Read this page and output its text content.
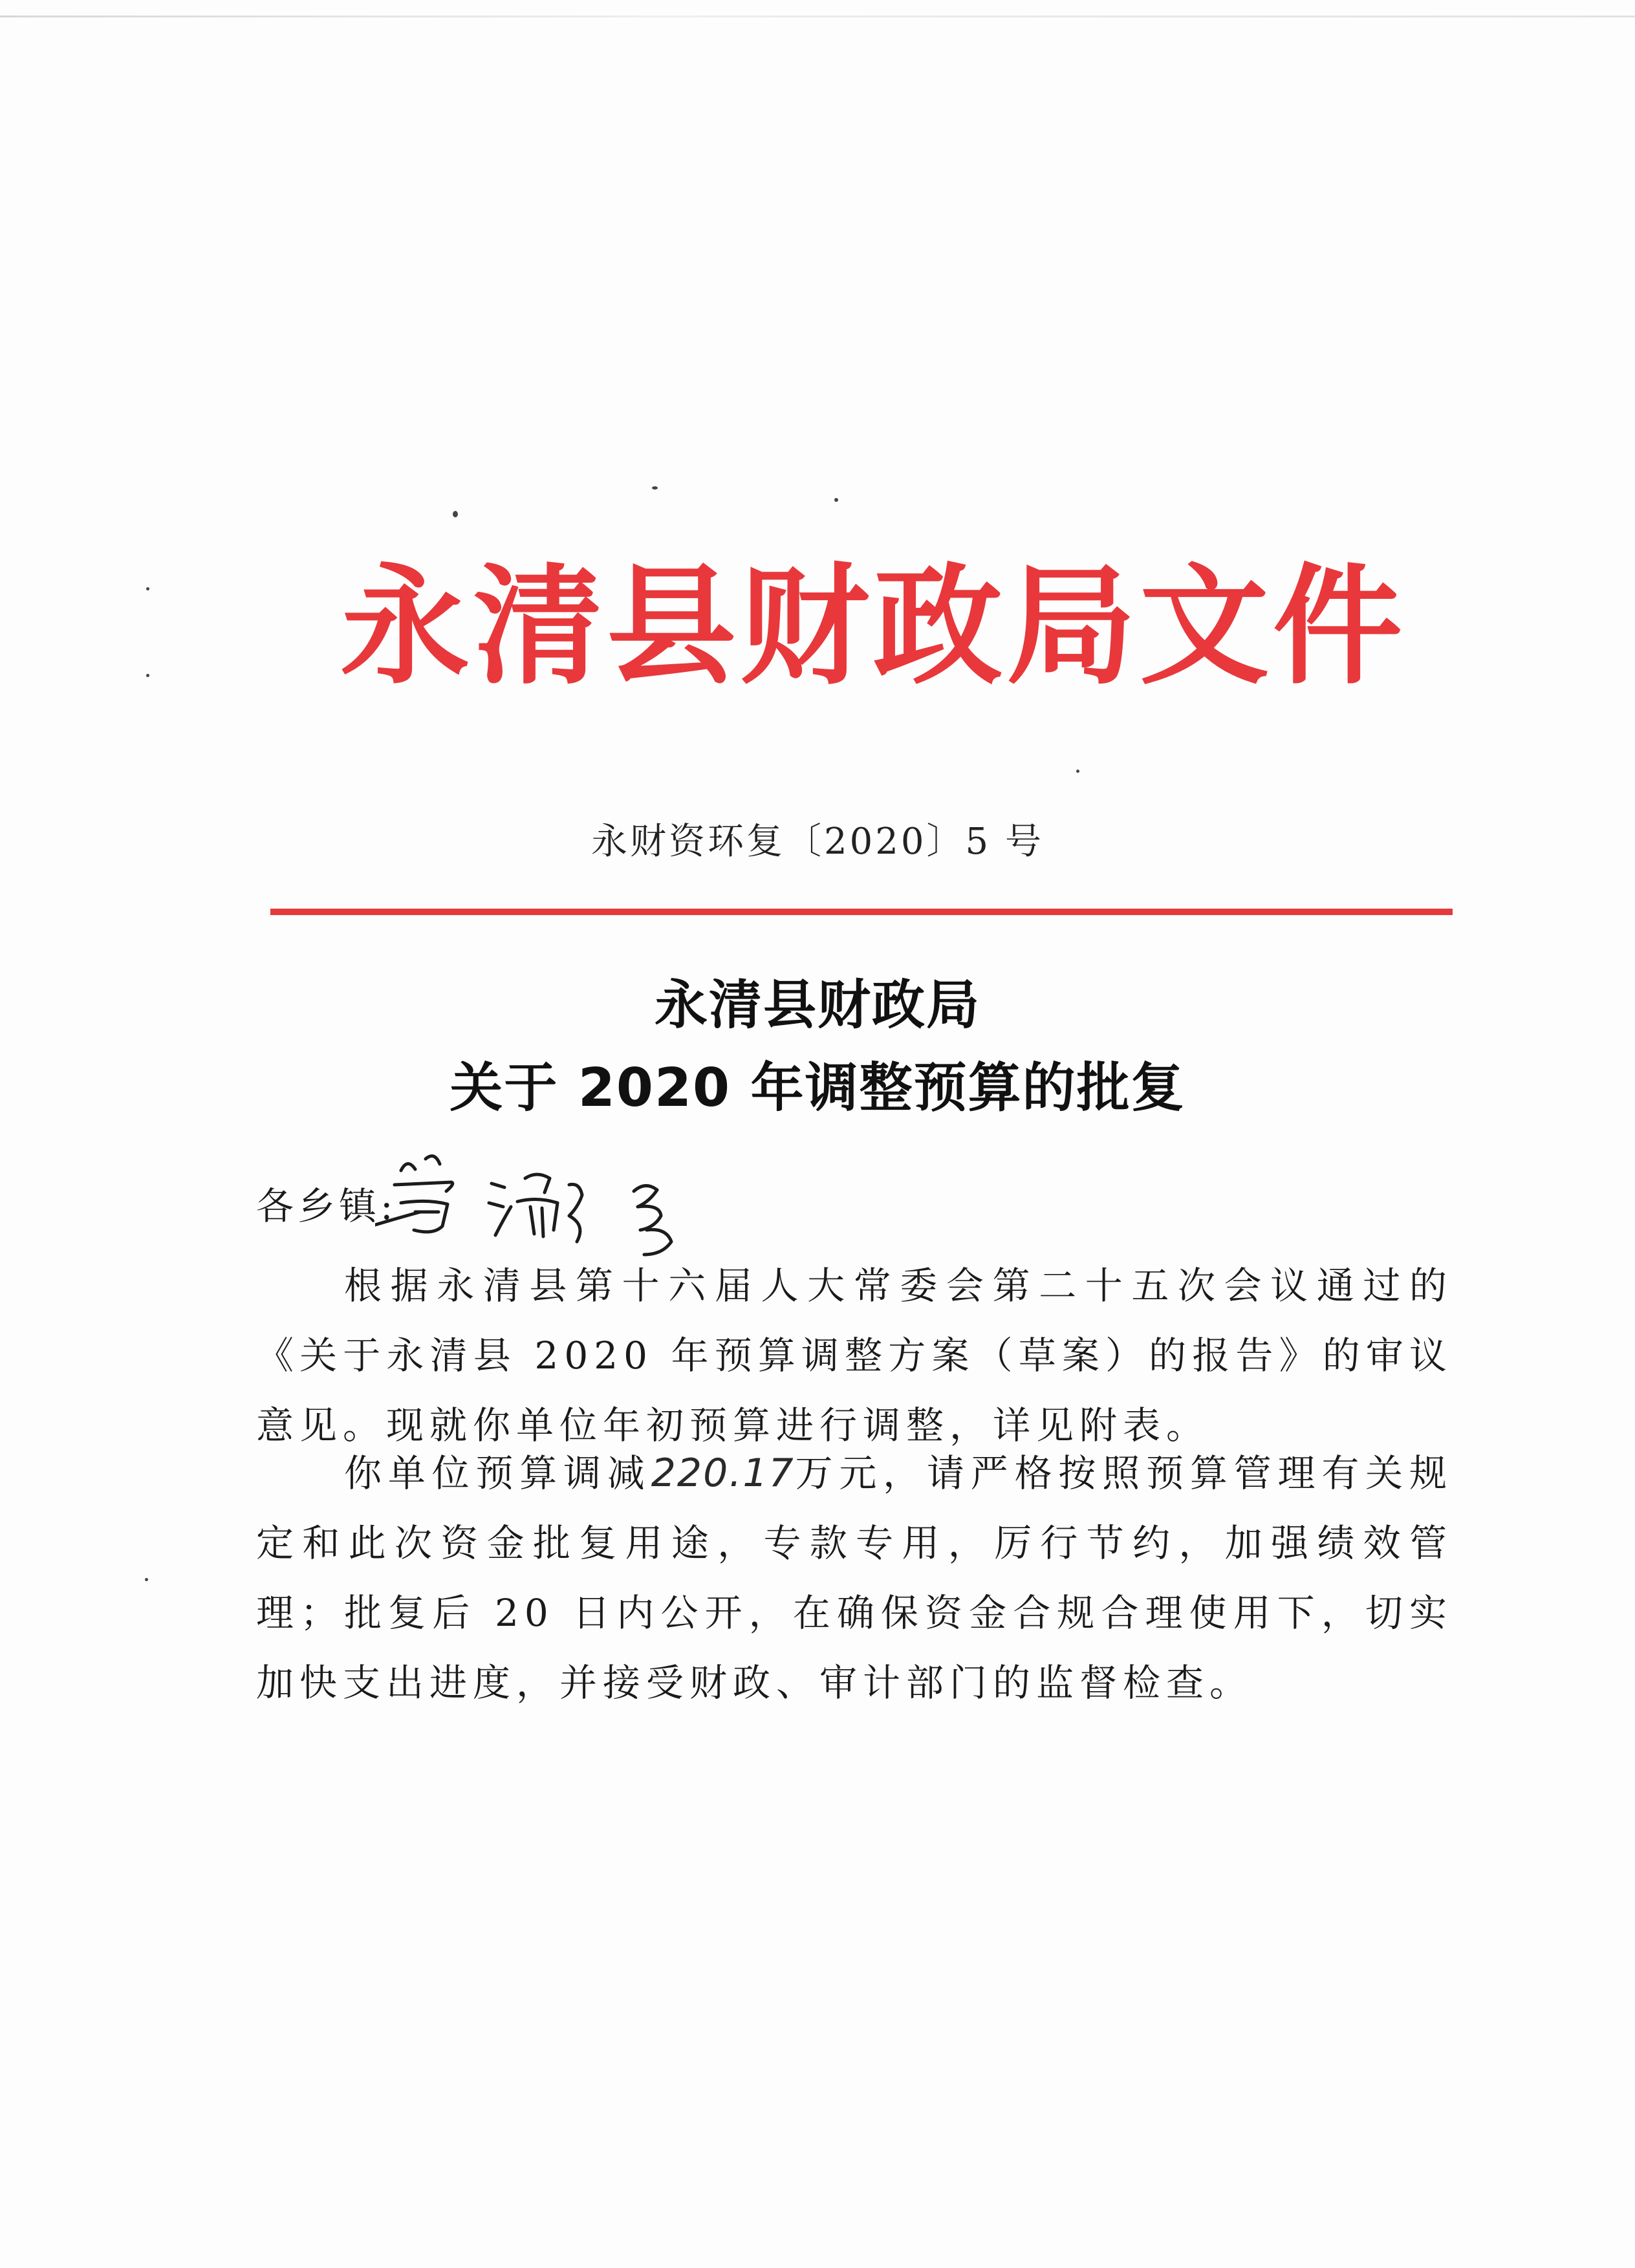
永清县财政局文件
永财资环复〔2020〕5 号
永清县财政局
关于 2020 年调整预算的批复
各乡镇:

根据永清县第十六届人大常委会第二十五次会议通过的《关于永清县 2020 年预算调整方案（草案）的报告》的审议意见。现就你单位年初预算进行调整，详见附表。

你单位预算调减220.17万元，请严格按照预算管理有关规定和此次资金批复用途，专款专用，厉行节约，加强绩效管理；批复后 20 日内公开，在确保资金合规合理使用下，切实加快支出进度，并接受财政、审计部门的监督检查。
